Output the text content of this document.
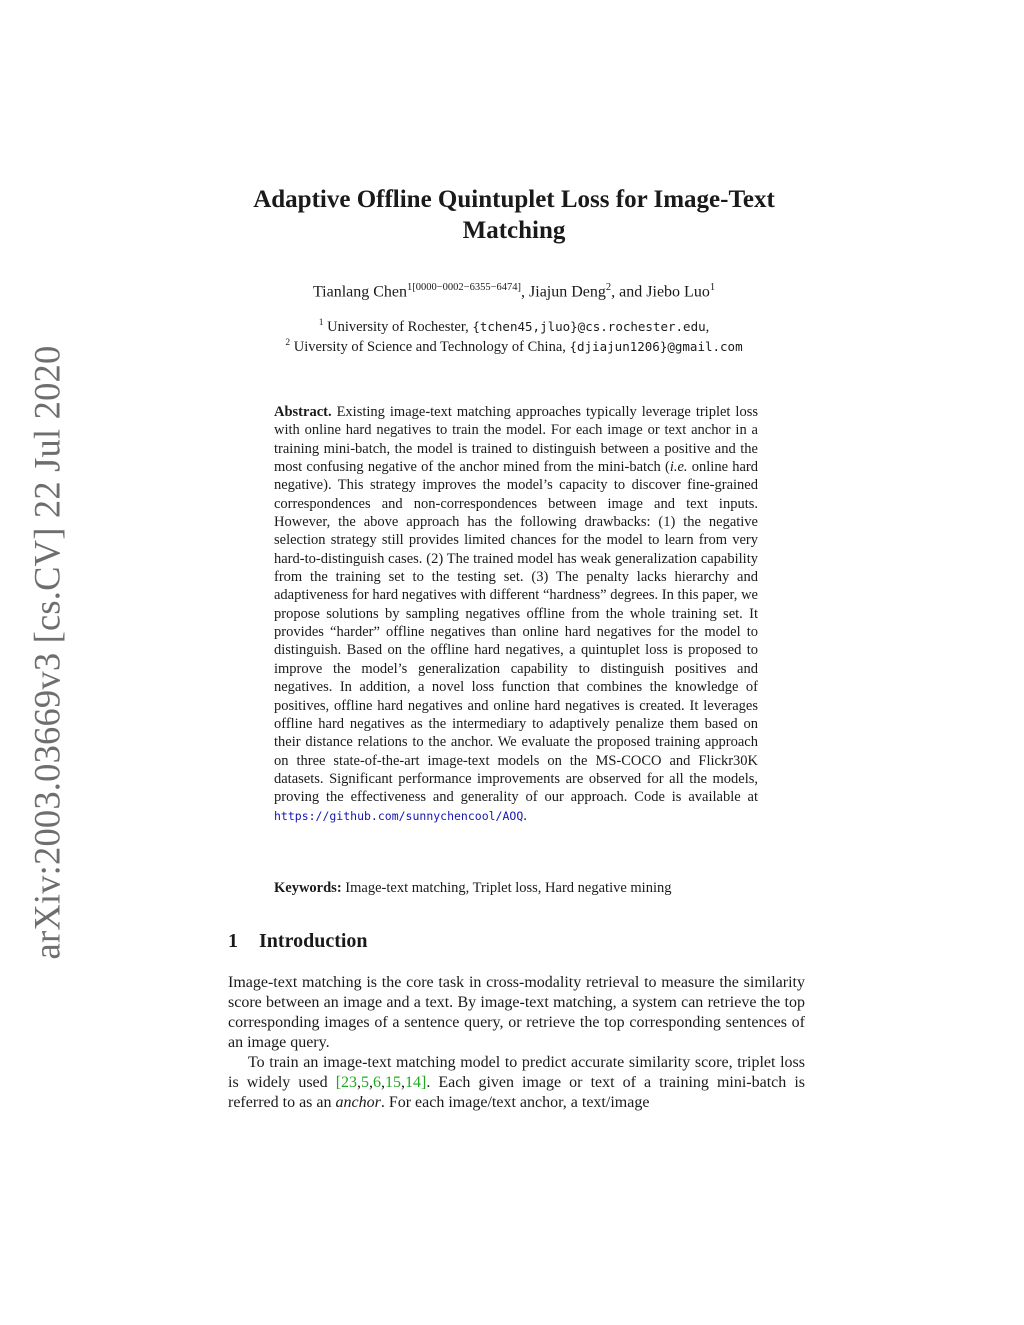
arXiv:2003.03669v3 [cs.CV] 22 Jul 2020
Adaptive Offline Quintuplet Loss for Image-Text Matching
Tianlang Chen$^{1[0000-0002-6355-6474]}$, Jiajun Deng$^2$, and Jiebo Luo$^1$
$^1$ University of Rochester, {tchen45,jluo}@cs.rochester.edu,
$^2$ Uiversity of Science and Technology of China, {djiajun1206}@gmail.com
Abstract. Existing image-text matching approaches typically leverage triplet loss with online hard negatives to train the model. For each image or text anchor in a training mini-batch, the model is trained to distinguish between a positive and the most confusing negative of the anchor mined from the mini-batch (i.e. online hard negative). This strategy improves the model’s capacity to discover fine-grained correspondences and non-correspondences between image and text inputs. However, the above approach has the following drawbacks: (1) the negative selection strategy still provides limited chances for the model to learn from very hard-to-distinguish cases. (2) The trained model has weak generalization capability from the training set to the testing set. (3) The penalty lacks hierarchy and adaptiveness for hard negatives with different “hardness” degrees. In this paper, we propose solutions by sampling negatives offline from the whole training set. It provides “harder” offline negatives than online hard negatives for the model to distinguish. Based on the offline hard negatives, a quintuplet loss is proposed to improve the model’s generalization capability to distinguish positives and negatives. In addition, a novel loss function that combines the knowledge of positives, offline hard negatives and online hard negatives is created. It leverages offline hard negatives as the intermediary to adaptively penalize them based on their distance relations to the anchor. We evaluate the proposed training approach on three state-of-the-art image-text models on the MS-COCO and Flickr30K datasets. Significant performance improvements are observed for all the models, proving the effectiveness and generality of our approach. Code is available at https://github.com/sunnychencool/AOQ.
Keywords: Image-text matching, Triplet loss, Hard negative mining
1 Introduction

Image-text matching is the core task in cross-modality retrieval to measure the similarity score between an image and a text. By image-text matching, a system can retrieve the top corresponding images of a sentence query, or retrieve the top corresponding sentences of an image query.

To train an image-text matching model to predict accurate similarity score, triplet loss is widely used [23,5,6,15,14]. Each given image or text of a training mini-batch is referred to as an anchor. For each image/text anchor, a text/image
